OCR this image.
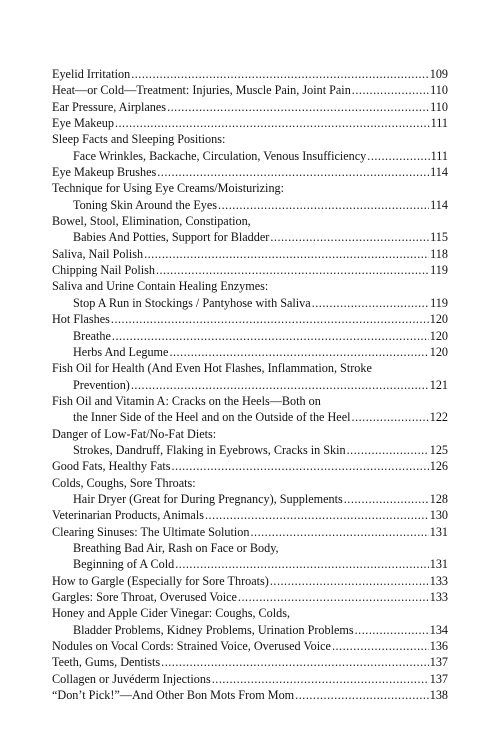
Eyelid Irritation .....	109
Heat—or Cold—Treatment: Injuries, Muscle Pain, Joint Pain .....	110
Ear Pressure, Airplanes .....	110
Eye Makeup .....	111
Sleep Facts and Sleeping Positions:
Face Wrinkles, Backache, Circulation, Venous Insufficiency .....	111
Eye Makeup Brushes .....	114
Technique for Using Eye Creams/Moisturizing:
Toning Skin Around the Eyes .....	114
Bowel, Stool, Elimination, Constipation,
Babies And Potties, Support for Bladder .....	115
Saliva, Nail Polish .....	118
Chipping Nail Polish .....	119
Saliva and Urine Contain Healing Enzymes:
Stop A Run in Stockings / Pantyhose with Saliva .....	119
Hot Flashes .....	120
Breathe .....	120
Herbs And Legume .....	120
Fish Oil for Health (And Even Hot Flashes, Inflammation, Stroke
Prevention) .....	121
Fish Oil and Vitamin A: Cracks on the Heels—Both on
the Inner Side of the Heel and on the Outside of the Heel .....	122
Danger of Low-Fat/No-Fat Diets:
Strokes, Dandruff, Flaking in Eyebrows, Cracks in Skin .....	125
Good Fats, Healthy Fats .....	126
Colds, Coughs, Sore Throats:
Hair Dryer (Great for During Pregnancy), Supplements .....	128
Veterinarian Products, Animals .....	130
Clearing Sinuses: The Ultimate Solution .....	131
Breathing Bad Air, Rash on Face or Body,
Beginning of A Cold .....	131
How to Gargle (Especially for Sore Throats) .....	133
Gargles: Sore Throat, Overused Voice .....	133
Honey and Apple Cider Vinegar: Coughs, Colds,
Bladder Problems, Kidney Problems, Urination Problems .....	134
Nodules on Vocal Cords: Strained Voice, Overused Voice .....	136
Teeth, Gums, Dentists .....	137
Collagen or Juvéderm Injections .....	137
“Don’t Pick!”—And Other Bon Mots From Mom .....	138
